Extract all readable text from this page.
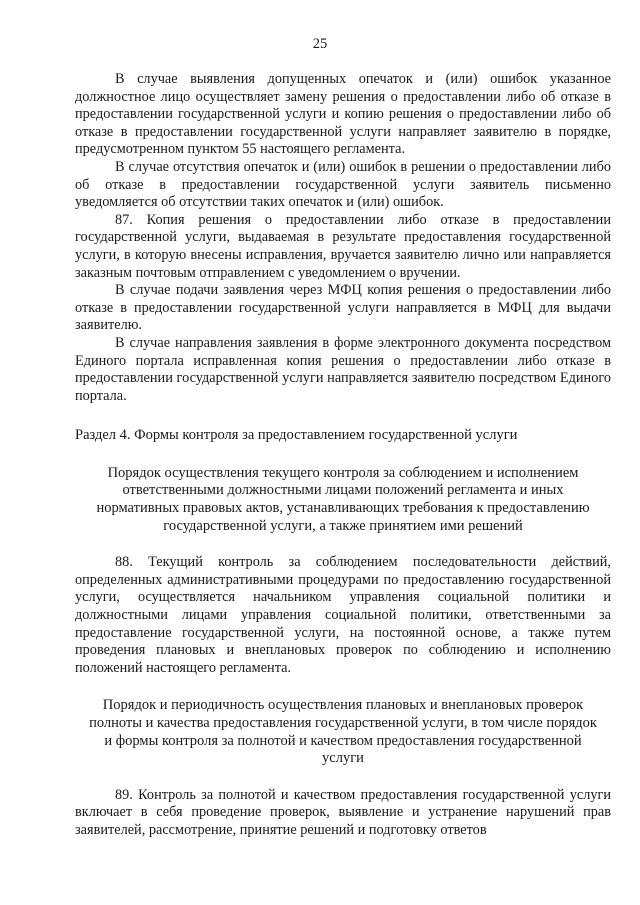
25

В случае выявления допущенных опечаток и (или) ошибок указанное должностное лицо осуществляет замену решения о предоставлении либо об отказе в предоставлении государственной услуги и копию решения о предоставлении либо об отказе в предоставлении государственной услуги направляет заявителю в порядке, предусмотренном пунктом 55 настоящего регламента.

В случае отсутствия опечаток и (или) ошибок в решении о предоставлении либо об отказе в предоставлении государственной услуги заявитель письменно уведомляется об отсутствии таких опечаток и (или) ошибок.

87. Копия решения о предоставлении либо отказе в предоставлении государственной услуги, выдаваемая в результате предоставления государственной услуги, в которую внесены исправления, вручается заявителю лично или направляется заказным почтовым отправлением с уведомлением о вручении.

В случае подачи заявления через МФЦ копия решения о предоставлении либо отказе в предоставлении государственной услуги направляется в МФЦ для выдачи заявителю.

В случае направления заявления в форме электронного документа посредством Единого портала исправленная копия решения о предоставлении либо отказе в предоставлении государственной услуги направляется заявителю посредством Единого портала.

Раздел 4. Формы контроля за предоставлением государственной услуги

Порядок осуществления текущего контроля за соблюдением и исполнением ответственными должностными лицами положений регламента и иных нормативных правовых актов, устанавливающих требования к предоставлению государственной услуги, а также принятием ими решений

88. Текущий контроль за соблюдением последовательности действий, определенных административными процедурами по предоставлению государственной услуги, осуществляется начальником управления социальной политики и должностными лицами управления социальной политики, ответственными за предоставление государственной услуги, на постоянной основе, а также путем проведения плановых и внеплановых проверок по соблюдению и исполнению положений настоящего регламента.

Порядок и периодичность осуществления плановых и внеплановых проверок полноты и качества предоставления государственной услуги, в том числе порядок и формы контроля за полнотой и качеством предоставления государственной услуги

89. Контроль за полнотой и качеством предоставления государственной услуги включает в себя проведение проверок, выявление и устранение нарушений прав заявителей, рассмотрение, принятие решений и подготовку ответов
